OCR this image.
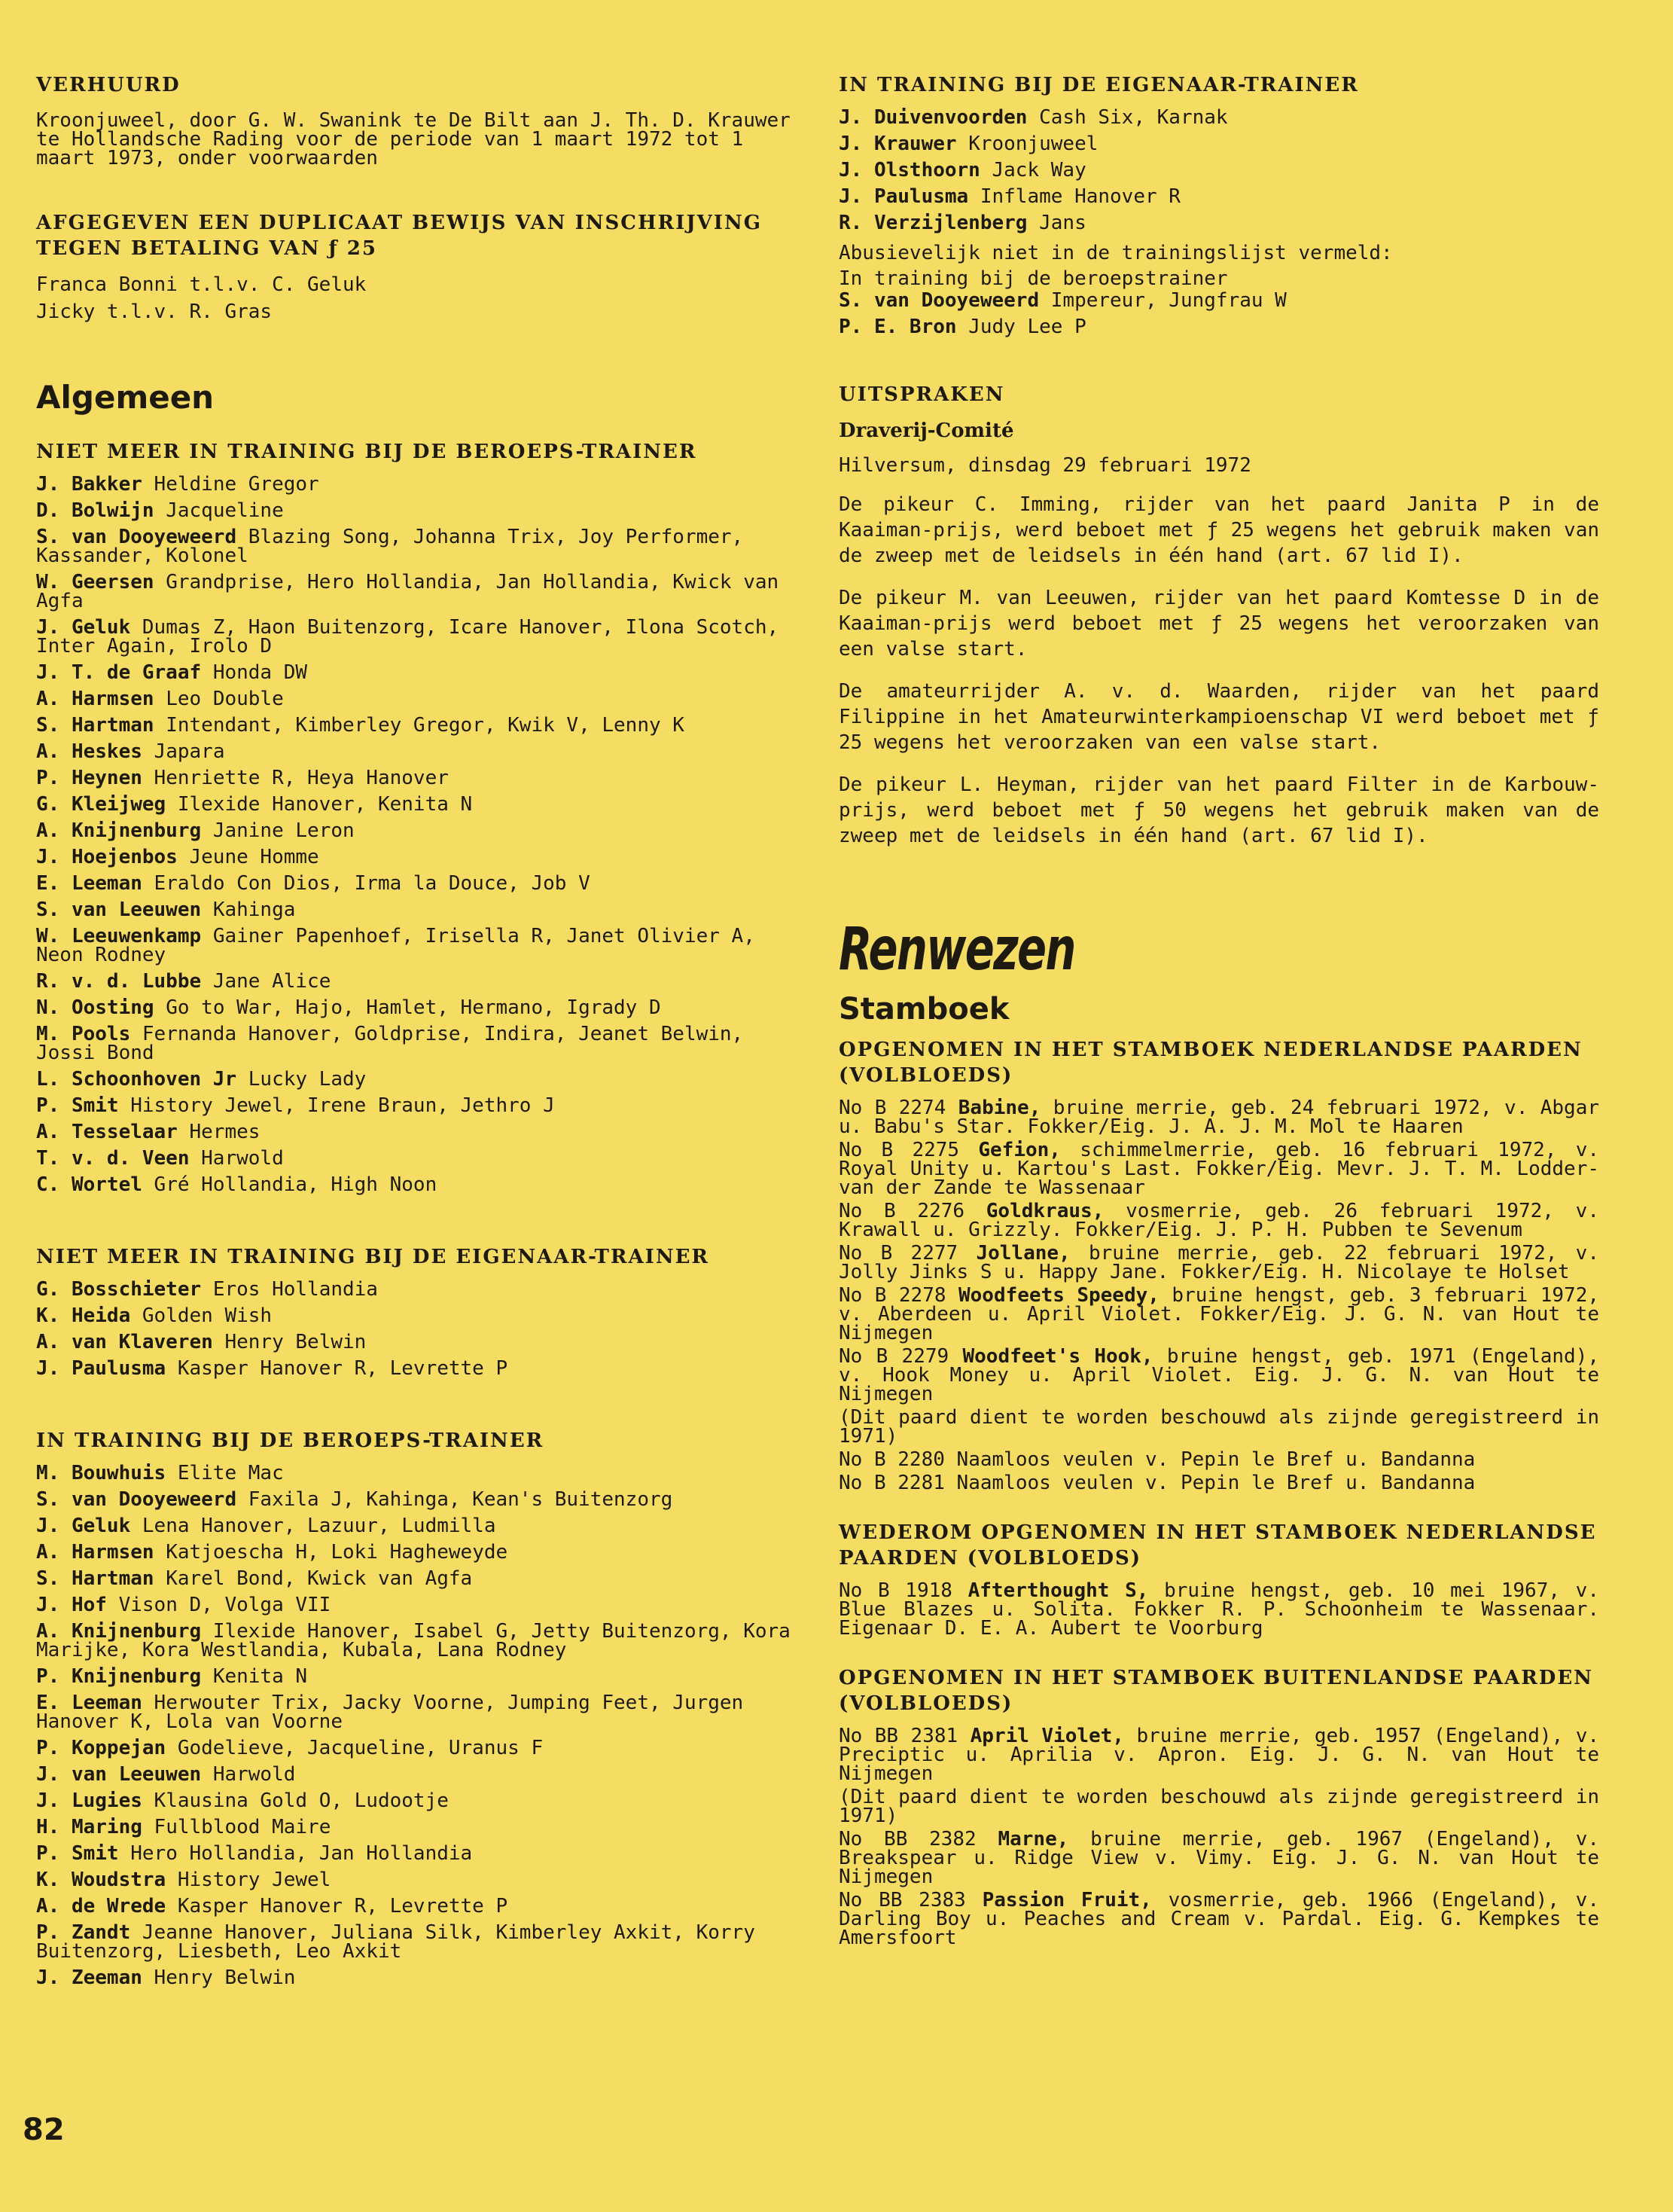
VERHUURD

Kroonjuweel, door G. W. Swanink te De Bilt aan J. Th. D. Krauwer te Hollandsche Rading voor de periode van 1 maart 1972 tot 1 maart 1973, onder voorwaarden

AFGEGEVEN EEN DUPLICAAT BEWIJS VAN INSCHRIJVING TEGEN BETALING VAN ƒ 25

Franca Bonni t.l.v. C. Geluk

Jicky t.l.v. R. Gras

Algemeen

NIET MEER IN TRAINING BIJ DE BEROEPS-TRAINER

J. Bakker Heldine Gregor

D. Bolwijn Jacqueline

S. van Dooyeweerd Blazing Song, Johanna Trix, Joy Performer, Kassander, Kolonel

W. Geersen Grandprise, Hero Hollandia, Jan Hollandia, Kwick van Agfa

J. Geluk Dumas Z, Haon Buitenzorg, Icare Hanover, Ilona Scotch, Inter Again, Irolo D

J. T. de Graaf Honda DW

A. Harmsen Leo Double

S. Hartman Intendant, Kimberley Gregor, Kwik V, Lenny K

A. Heskes Japara

P. Heynen Henriette R, Heya Hanover

G. Kleijweg Ilexide Hanover, Kenita N

A. Knijnenburg Janine Leron

J. Hoejenbos Jeune Homme

E. Leeman Eraldo Con Dios, Irma la Douce, Job V

S. van Leeuwen Kahinga

W. Leeuwenkamp Gainer Papenhoef, Irisella R, Janet Olivier A, Neon Rodney

R. v. d. Lubbe Jane Alice

N. Oosting Go to War, Hajo, Hamlet, Hermano, Igrady D

M. Pools Fernanda Hanover, Goldprise, Indira, Jeanet Belwin, Jossi Bond

L. Schoonhoven Jr Lucky Lady

P. Smit History Jewel, Irene Braun, Jethro J

A. Tesselaar Hermes

T. v. d. Veen Harwold

C. Wortel Gré Hollandia, High Noon

NIET MEER IN TRAINING BIJ DE EIGENAAR-TRAINER

G. Bosschieter Eros Hollandia

K. Heida Golden Wish

A. van Klaveren Henry Belwin

J. Paulusma Kasper Hanover R, Levrette P

IN TRAINING BIJ DE BEROEPS-TRAINER

M. Bouwhuis Elite Mac

S. van Dooyeweerd Faxila J, Kahinga, Kean's Buitenzorg

J. Geluk Lena Hanover, Lazuur, Ludmilla

A. Harmsen Katjoescha H, Loki Hagheweyde

S. Hartman Karel Bond, Kwick van Agfa

J. Hof Vison D, Volga VII

A. Knijnenburg Ilexide Hanover, Isabel G, Jetty Buitenzorg, Kora Marijke, Kora Westlandia, Kubala, Lana Rodney

P. Knijnenburg Kenita N

E. Leeman Herwouter Trix, Jacky Voorne, Jumping Feet, Jurgen Hanover K, Lola van Voorne

P. Koppejan Godelieve, Jacqueline, Uranus F

J. van Leeuwen Harwold

J. Lugies Klausina Gold O, Ludootje

H. Maring Fullblood Maire

P. Smit Hero Hollandia, Jan Hollandia

K. Woudstra History Jewel

A. de Wrede Kasper Hanover R, Levrette P

P. Zandt Jeanne Hanover, Juliana Silk, Kimberley Axkit, Korry Buitenzorg, Liesbeth, Leo Axkit

J. Zeeman Henry Belwin

IN TRAINING BIJ DE EIGENAAR-TRAINER

J. Duivenvoorden Cash Six, Karnak

J. Krauwer Kroonjuweel

J. Olsthoorn Jack Way

J. Paulusma Inflame Hanover R

R. Verzijlenberg Jans

Abusievelijk niet in de trainingslijst vermeld:

In training bij de beroepstrainer

S. van Dooyeweerd Impereur, Jungfrau W

P. E. Bron Judy Lee P

UITSPRAKEN

Draverij-Comité

Hilversum, dinsdag 29 februari 1972

De pikeur C. Imming, rijder van het paard Janita P in de Kaaiman-prijs, werd beboet met ƒ 25 wegens het gebruik maken van de zweep met de leidsels in één hand (art. 67 lid I).

De pikeur M. van Leeuwen, rijder van het paard Komtesse D in de Kaaiman-prijs werd beboet met ƒ 25 wegens het veroorzaken van een valse start.

De amateurrijder A. v. d. Waarden, rijder van het paard Filippine in het Amateurwinterkampioenschap VI werd beboet met ƒ 25 wegens het veroorzaken van een valse start.

De pikeur L. Heyman, rijder van het paard Filter in de Karbouw-prijs, werd beboet met ƒ 50 wegens het gebruik maken van de zweep met de leidsels in één hand (art. 67 lid I).

Renwezen

Stamboek

OPGENOMEN IN HET STAMBOEK NEDERLANDSE PAARDEN (VOLBLOEDS)

No B 2274 Babine, bruine merrie, geb. 24 februari 1972, v. Abgar u. Babu's Star. Fokker/Eig. J. A. J. M. Mol te Haaren

No B 2275 Gefion, schimmelmerrie, geb. 16 februari 1972, v. Royal Unity u. Kartou's Last. Fokker/Eig. Mevr. J. T. M. Lodder-van der Zande te Wassenaar

No B 2276 Goldkraus, vosmerrie, geb. 26 februari 1972, v. Krawall u. Grizzly. Fokker/Eig. J. P. H. Pubben te Sevenum

No B 2277 Jollane, bruine merrie, geb. 22 februari 1972, v. Jolly Jinks S u. Happy Jane. Fokker/Eig. H. Nicolaye te Holset

No B 2278 Woodfeets Speedy, bruine hengst, geb. 3 februari 1972, v. Aberdeen u. April Violet. Fokker/Eig. J. G. N. van Hout te Nijmegen

No B 2279 Woodfeet's Hook, bruine hengst, geb. 1971 (Engeland), v. Hook Money u. April Violet. Eig. J. G. N. van Hout te Nijmegen

(Dit paard dient te worden beschouwd als zijnde geregistreerd in 1971)

No B 2280 Naamloos veulen v. Pepin le Bref u. Bandanna

No B 2281 Naamloos veulen v. Pepin le Bref u. Bandanna

WEDEROM OPGENOMEN IN HET STAMBOEK NEDERLANDSE PAARDEN (VOLBLOEDS)

No B 1918 Afterthought S, bruine hengst, geb. 10 mei 1967, v. Blue Blazes u. Solita. Fokker R. P. Schoonheim te Wassenaar. Eigenaar D. E. A. Aubert te Voorburg

OPGENOMEN IN HET STAMBOEK BUITENLANDSE PAARDEN (VOLBLOEDS)

No BB 2381 April Violet, bruine merrie, geb. 1957 (Engeland), v. Preciptic u. Aprilia v. Apron. Eig. J. G. N. van Hout te Nijmegen

(Dit paard dient te worden beschouwd als zijnde geregistreerd in 1971)

No BB 2382 Marne, bruine merrie, geb. 1967 (Engeland), v. Breakspear u. Ridge View v. Vimy. Eig. J. G. N. van Hout te Nijmegen

No BB 2383 Passion Fruit, vosmerrie, geb. 1966 (Engeland), v. Darling Boy u. Peaches and Cream v. Pardal. Eig. G. Kempkes te Amersfoort

82
